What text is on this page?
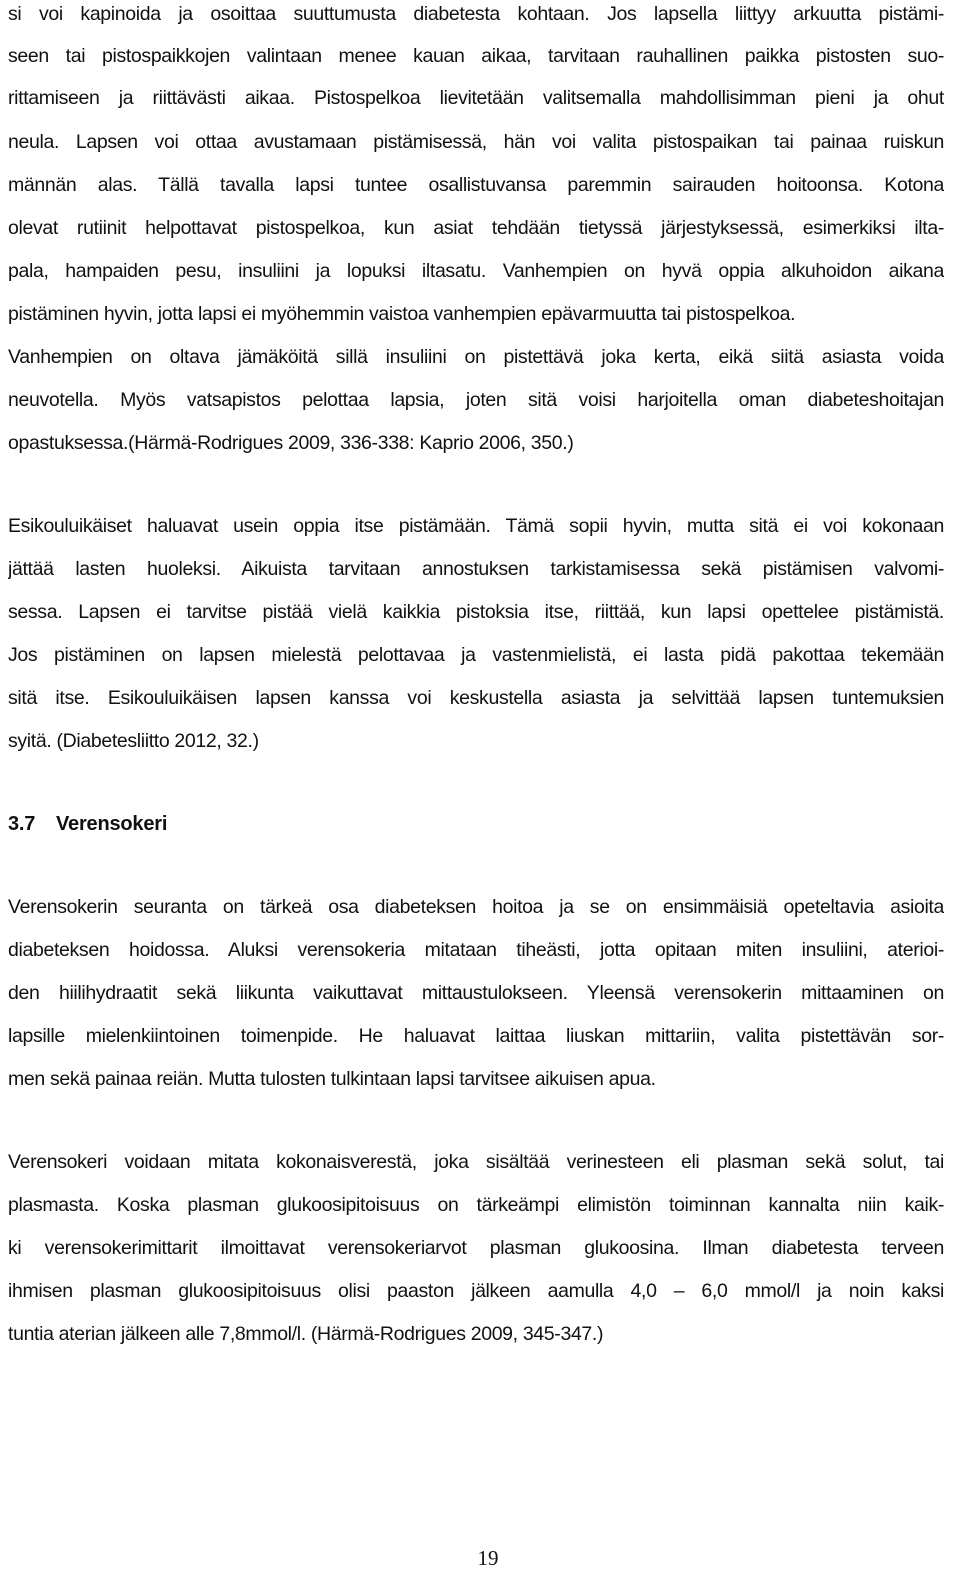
si voi kapinoida ja osoittaa suuttumusta diabetesta kohtaan. Jos lapsella liittyy arkuutta pistämi-
seen tai pistospaikkojen valintaan menee kauan aikaa, tarvitaan rauhallinen paikka pistosten suo-
rittamiseen ja riittävästi aikaa. Pistospelkoa lievitetään valitsemalla mahdollisimman pieni ja ohut
neula. Lapsen voi ottaa avustamaan pistämisessä, hän voi valita pistospaikan tai painaa ruiskun
männän alas. Tällä tavalla lapsi tuntee osallistuvansa paremmin sairauden hoitoonsa. Kotona
olevat rutiinit helpottavat pistospelkoa, kun asiat tehdään tietyssä järjestyksessä, esimerkiksi ilta-
pala, hampaiden pesu, insuliini ja lopuksi iltasatu. Vanhempien on hyvä oppia alkuhoidon aikana
pistäminen hyvin, jotta lapsi ei myöhemmin vaistoa vanhempien epävarmuutta tai pistospelkoa.
Vanhempien on oltava jämäköitä sillä insuliini on pistettävä joka kerta, eikä siitä asiasta voida
neuvotella. Myös vatsapistos pelottaa lapsia, joten sitä voisi harjoitella oman diabeteshoitajan
opastuksessa.(Härmä-Rodrigues 2009, 336-338: Kaprio 2006, 350.)
Esikouluikäiset haluavat usein oppia itse pistämään. Tämä sopii hyvin, mutta sitä ei voi kokonaan
jättää lasten huoleksi. Aikuista tarvitaan annostuksen tarkistamisessa sekä pistämisen valvomi-
sessa. Lapsen ei tarvitse pistää vielä kaikkia pistoksia itse, riittää, kun lapsi opettelee pistämistä.
Jos pistäminen on lapsen mielestä pelottavaa ja vastenmielistä, ei lasta pidä pakottaa tekemään
sitä itse. Esikouluikäisen lapsen kanssa voi keskustella asiasta ja selvittää lapsen tuntemuksien
syitä. (Diabetesliitto 2012, 32.)
3.7 Verensokeri
Verensokerin seuranta on tärkeä osa diabeteksen hoitoa ja se on ensimmäisiä opeteltavia asioita
diabeteksen hoidossa. Aluksi verensokeria mitataan tiheästi, jotta opitaan miten insuliini, aterioi-
den hiilihydraatit sekä liikunta vaikuttavat mittaustulokseen. Yleensä verensokerin mittaaminen on
lapsille mielenkiintoinen toimenpide. He haluavat laittaa liuskan mittariin, valita pistettävän sor-
men sekä painaa reiän. Mutta tulosten tulkintaan lapsi tarvitsee aikuisen apua.
Verensokeri voidaan mitata kokonaisverestä, joka sisältää verinesteen eli plasman sekä solut, tai
plasmasta. Koska plasman glukoosipitoisuus on tärkeämpi elimistön toiminnan kannalta niin kaik-
ki verensokerimittarit ilmoittavat verensokeriarvot plasman glukoosina. Ilman diabetesta terveen
ihmisen plasman glukoosipitoisuus olisi paaston jälkeen aamulla 4,0 – 6,0 mmol/l ja noin kaksi
tuntia aterian jälkeen alle 7,8mmol/l. (Härmä-Rodrigues 2009, 345-347.)
19
